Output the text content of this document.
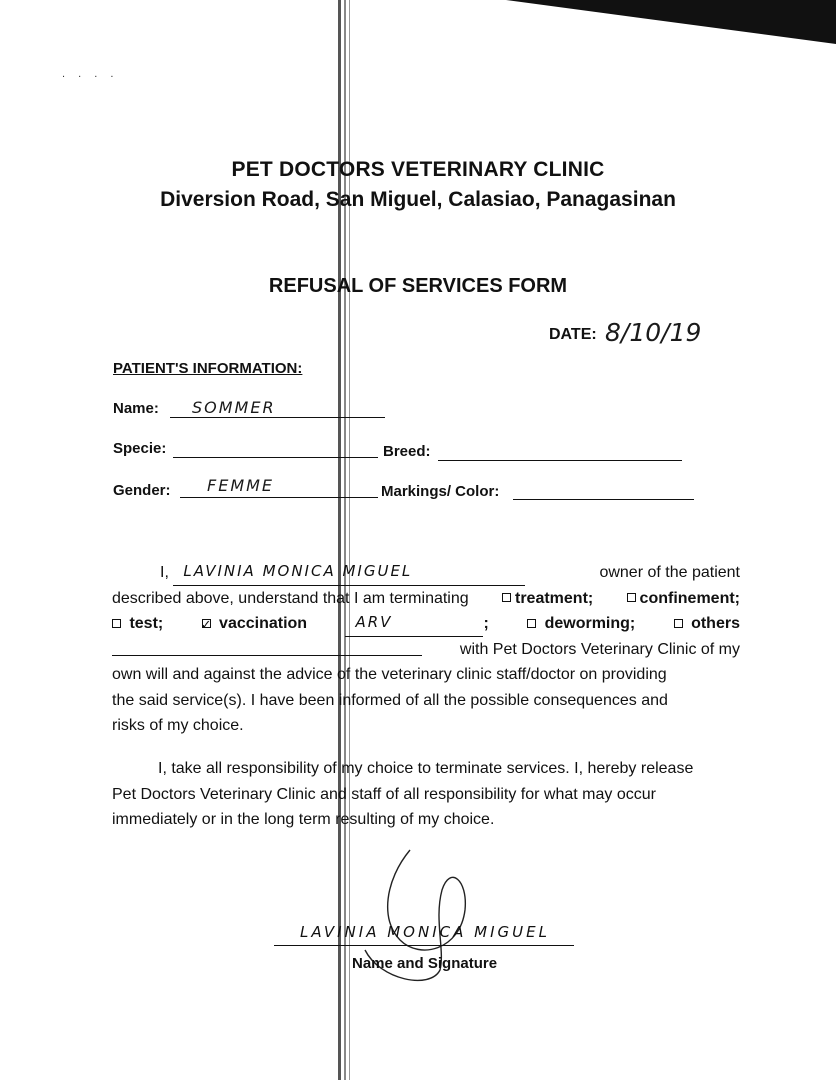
. . . .
PET DOCTORS VETERINARY CLINIC
Diversion Road, San Miguel, Calasiao, Panagasinan
REFUSAL OF SERVICES FORM
DATE: 8/10/19
PATIENT'S INFORMATION:
Name: SOMMER
Specie:	Breed:
Gender: FEMME	Markings/ Color:
I, LAVINIA MONICA MIGUEL	owner of the patient
described above, understand that I am terminating	treatment;	confinement;
test;	✓ vaccination	ARV	;	deworming;	others
with Pet Doctors Veterinary Clinic of my
own will and against the advice of the veterinary clinic staff/doctor on providing
the said service(s). I have been informed of all the possible consequences and
risks of my choice.
I, take all responsibility of my choice to terminate services. I, hereby release
Pet Doctors Veterinary Clinic and staff of all responsibility for what may occur
immediately or in the long term resulting of my choice.
LAVINIA MONICA MIGUEL
Name and Signature
